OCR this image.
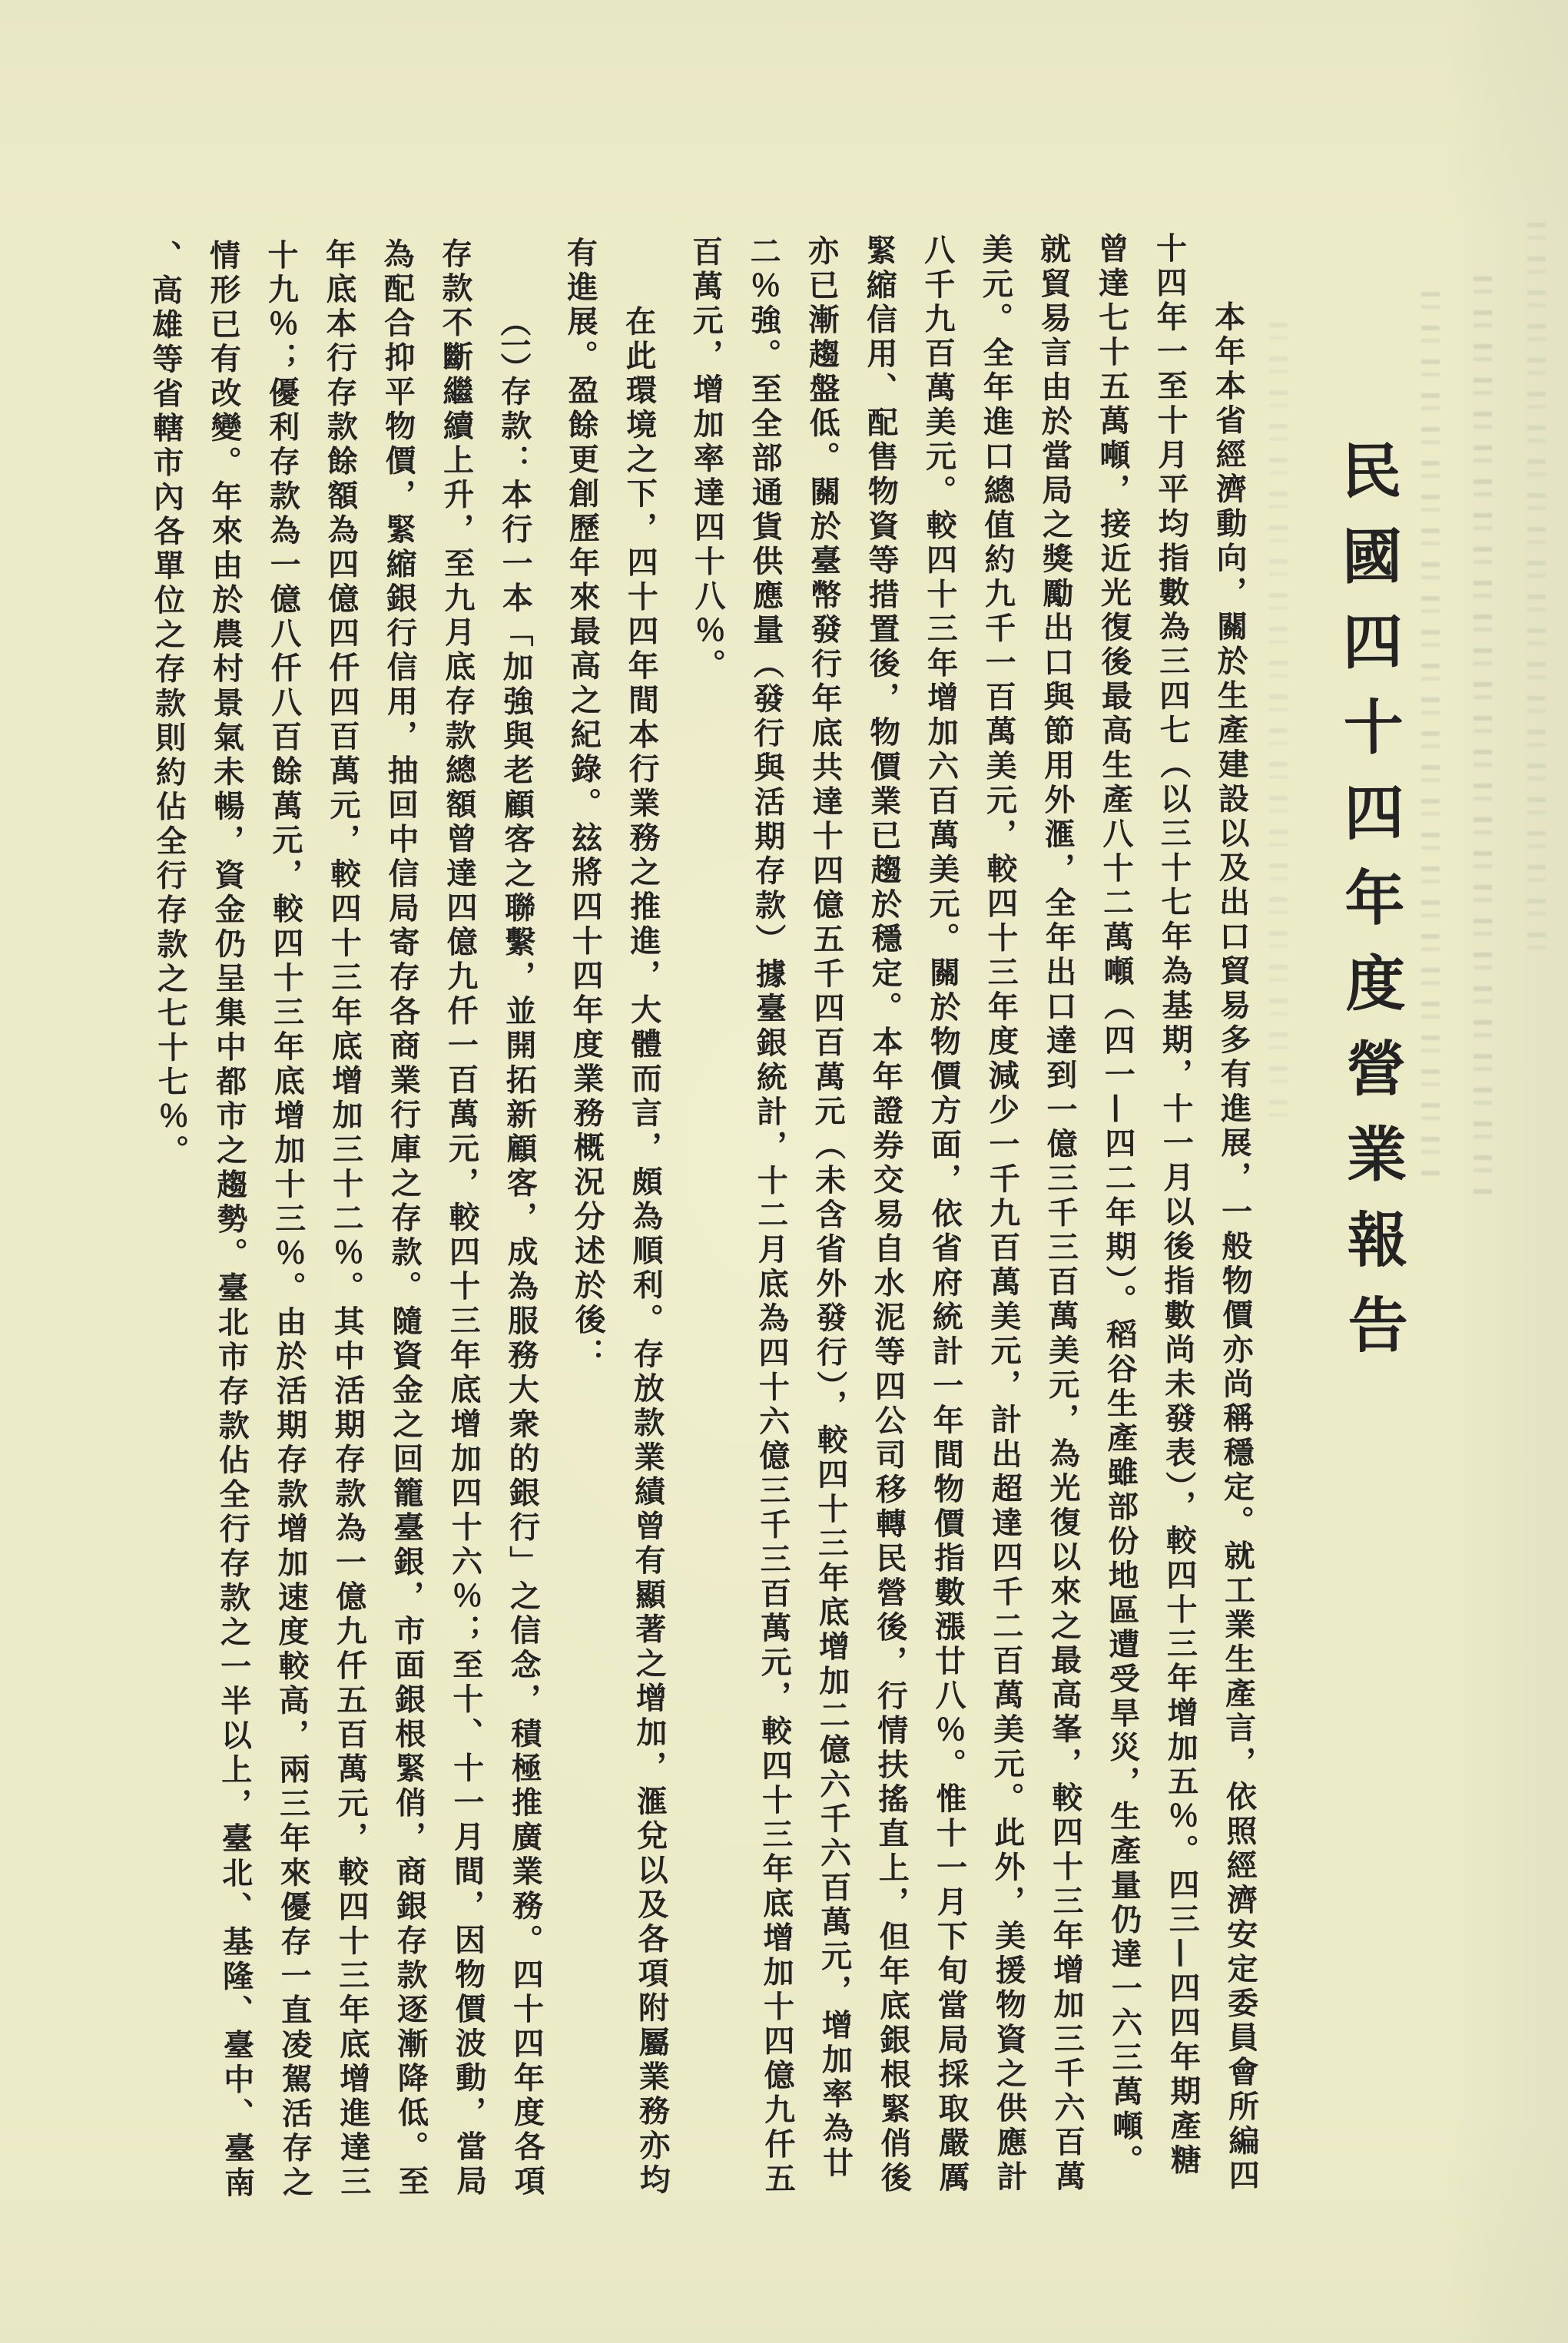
民國四十四年度營業報告
本年本省經濟動向，關於生產建設以及出口貿易多有進展，一般物價亦尚稱穩定。就工業生產言，依照經濟安定委員會所編四
十四年一至十月平均指數為三四七（以三十七年為基期，十一月以後指數尚未發表），較四十三年增加五％。四三—四四年期產糖
曾達七十五萬噸，接近光復後最高生產八十二萬噸（四一—四二年期）。稻谷生產雖部份地區遭受旱災，生產量仍達一六三萬噸。
就貿易言由於當局之獎勵出口與節用外滙，全年出口達到一億三千三百萬美元，為光復以來之最高峯，較四十三年增加三千六百萬
美元。全年進口總值約九千一百萬美元，較四十三年度減少一千九百萬美元，計出超達四千二百萬美元。此外，美援物資之供應計
八千九百萬美元。較四十三年增加六百萬美元。關於物價方面，依省府統計一年間物價指數漲廿八％。惟十一月下旬當局採取嚴厲
緊縮信用、配售物資等措置後，物價業已趨於穩定。本年證券交易自水泥等四公司移轉民營後，行情扶搖直上，但年底銀根緊俏後
亦已漸趨盤低。關於臺幣發行年底共達十四億五千四百萬元（未含省外發行），較四十三年底增加二億六千六百萬元，增加率為廿
二％強。至全部通貨供應量（發行與活期存款）據臺銀統計，十二月底為四十六億三千三百萬元，較四十三年底增加十四億九仟五
百萬元，增加率達四十八％。
在此環境之下，四十四年間本行業務之推進，大體而言，頗為順利。存放款業績曾有顯著之增加，滙兌以及各項附屬業務亦均
有進展。盈餘更創歷年來最高之紀錄。玆將四十四年度業務概況分述於後：
（一）存款：本行一本「加強與老顧客之聯繫，並開拓新顧客，成為服務大衆的銀行」之信念，積極推廣業務。四十四年度各項
存款不斷繼續上升，至九月底存款總額曾達四億九仟一百萬元，較四十三年底增加四十六％；至十、十一月間，因物價波動，當局
為配合抑平物價，緊縮銀行信用，抽回中信局寄存各商業行庫之存款。隨資金之回籠臺銀，市面銀根緊俏，商銀存款逐漸降低。至
年底本行存款餘額為四億四仟四百萬元，較四十三年底增加三十二％。其中活期存款為一億九仟五百萬元，較四十三年底增進達三
十九％；優利存款為一億八仟八百餘萬元，較四十三年底增加十三％。由於活期存款增加速度較高，兩三年來優存一直凌駕活存之
情形已有改變。年來由於農村景氣未暢，資金仍呈集中都市之趨勢。臺北市存款佔全行存款之一半以上，臺北、基隆、臺中、臺南
、高雄等省轄市內各單位之存款則約佔全行存款之七十七％。
